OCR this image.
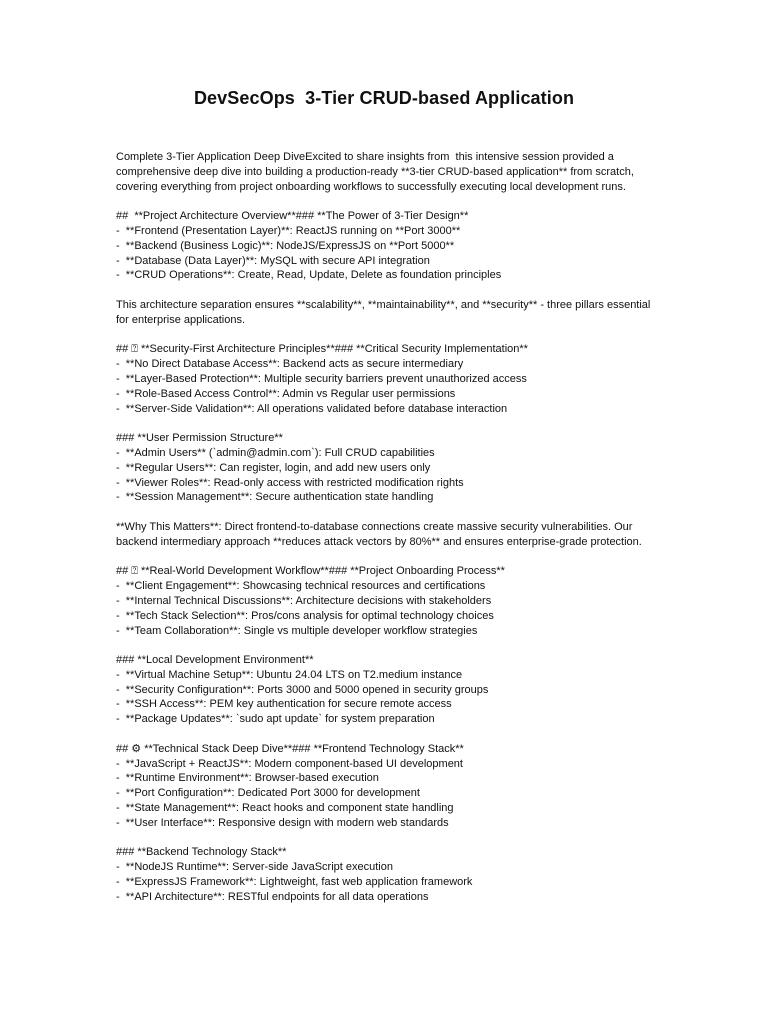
DevSecOps  3-Tier CRUD-based Application

Complete 3-Tier Application Deep DiveExcited to share insights from  this intensive session provided a comprehensive deep dive into building a production-ready **3-tier CRUD-based application** from scratch, covering everything from project onboarding workflows to successfully executing local development runs.

##  **Project Architecture Overview**### **The Power of 3-Tier Design**
-  **Frontend (Presentation Layer)**: ReactJS running on **Port 3000**
-  **Backend (Business Logic)**: NodeJS/ExpressJS on **Port 5000**
-  **Database (Data Layer)**: MySQL with secure API integration
-  **CRUD Operations**: Create, Read, Update, Delete as foundation principles

This architecture separation ensures **scalability**, **maintainability**, and **security** - three pillars essential for enterprise applications.

## ⍰ **Security-First Architecture Principles**### **Critical Security Implementation**
-  **No Direct Database Access**: Backend acts as secure intermediary
-  **Layer-Based Protection**: Multiple security barriers prevent unauthorized access
-  **Role-Based Access Control**: Admin vs Regular user permissions
-  **Server-Side Validation**: All operations validated before database interaction
### **User Permission Structure**
-  **Admin Users** (`admin@admin.com`): Full CRUD capabilities
-  **Regular Users**: Can register, login, and add new users only
-  **Viewer Roles**: Read-only access with restricted modification rights
-  **Session Management**: Secure authentication state handling

**Why This Matters**: Direct frontend-to-database connections create massive security vulnerabilities. Our backend intermediary approach **reduces attack vectors by 80%** and ensures enterprise-grade protection.

## ⍰ **Real-World Development Workflow**### **Project Onboarding Process**
-  **Client Engagement**: Showcasing technical resources and certifications
-  **Internal Technical Discussions**: Architecture decisions with stakeholders
-  **Tech Stack Selection**: Pros/cons analysis for optimal technology choices
-  **Team Collaboration**: Single vs multiple developer workflow strategies
### **Local Development Environment**
-  **Virtual Machine Setup**: Ubuntu 24.04 LTS on T2.medium instance
-  **Security Configuration**: Ports 3000 and 5000 opened in security groups
-  **SSH Access**: PEM key authentication for secure remote access
-  **Package Updates**: `sudo apt update` for system preparation
## ⚙ **Technical Stack Deep Dive**### **Frontend Technology Stack**
-  **JavaScript + ReactJS**: Modern component-based UI development
-  **Runtime Environment**: Browser-based execution
-  **Port Configuration**: Dedicated Port 3000 for development
-  **State Management**: React hooks and component state handling
-  **User Interface**: Responsive design with modern web standards
### **Backend Technology Stack**
-  **NodeJS Runtime**: Server-side JavaScript execution
-  **ExpressJS Framework**: Lightweight, fast web application framework
-  **API Architecture**: RESTful endpoints for all data operations
